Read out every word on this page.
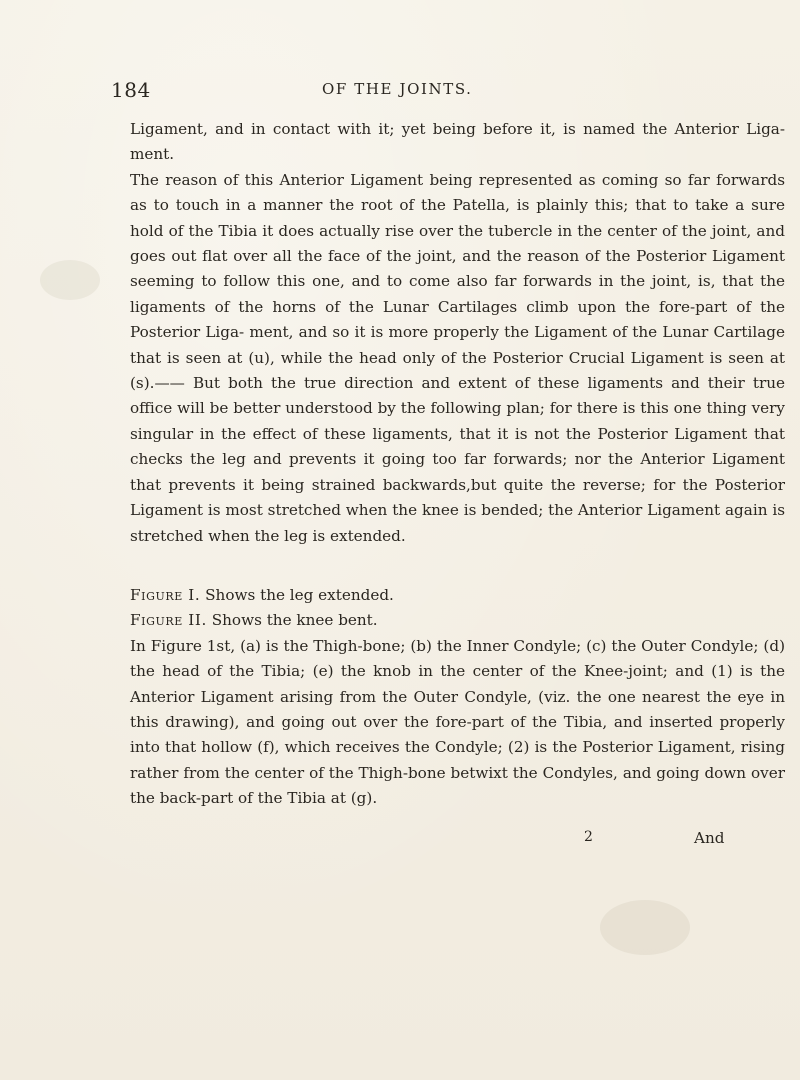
184	OF THE JOINTS.

Ligament, and in contact with it; yet being before it, is named the Anterior Liga- ment.

The reason of this Anterior Ligament being represented as coming so far forwards as to touch in a manner the root of the Patella, is plainly this; that to take a sure hold of the Tibia it does actually rise over the tubercle in the center of the joint, and goes out flat over all the face of the joint, and the reason of the Posterior Ligament seeming to follow this one, and to come also far forwards in the joint, is, that the ligaments of the horns of the Lunar Cartilages climb upon the fore-part of the Posterior Liga- ment, and so it is more properly the Ligament of the Lunar Cartilage that is seen at (u), while the head only of the Posterior Crucial Ligament is seen at (s).—— But both the true direction and extent of these ligaments and their true office will be better understood by the following plan; for there is this one thing very singular in the effect of these ligaments, that it is not the Posterior Ligament that checks the leg and prevents it going too far forwards; nor the Anterior Ligament that prevents it being strained backwards,but quite the reverse; for the Posterior Ligament is most stretched when the knee is bended; the Anterior Ligament again is stretched when the leg is extended.

Figure I. Shows the leg extended.

Figure II. Shows the knee bent.

In Figure 1st, (a) is the Thigh-bone; (b) the Inner Condyle; (c) the Outer Condyle; (d) the head of the Tibia; (e) the knob in the center of the Knee-joint; and (1) is the Anterior Ligament arising from the Outer Condyle, (viz. the one nearest the eye in this drawing), and going out over the fore-part of the Tibia, and inserted properly into that hollow (f), which receives the Condyle; (2) is the Posterior Ligament, rising rather from the center of the Thigh-bone betwixt the Condyles, and going down over the back-part of the Tibia at (g).

2	And
